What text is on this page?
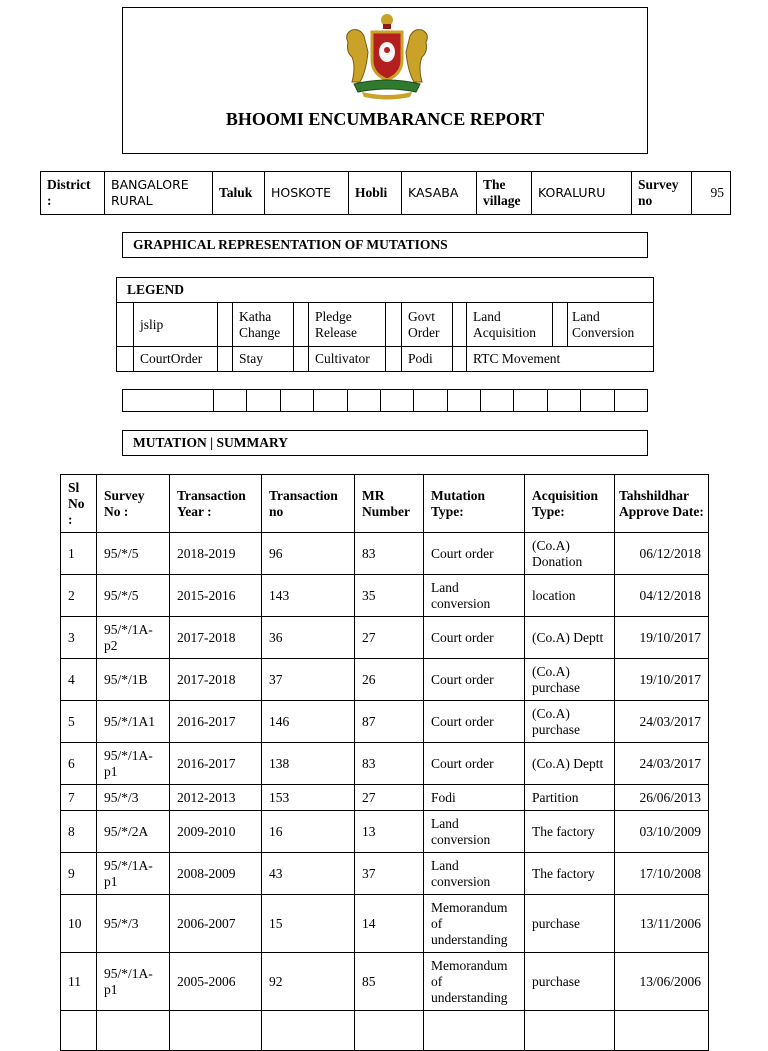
BHOOMI ENCUMBARANCE REPORT
District :	BANGALORE RURAL	Taluk	HOSKOTE	Hobli	KASABA	The village	KORALURU	Survey no	95
GRAPHICAL REPRESENTATION OF MUTATIONS
LEGEND											
	jslip		Katha Change		Pledge Release		Govt Order		Land Acquisition		Land Conversion
	CourtOrder		Stay		Cultivator		Podi		RTC Movement		

MUTATION | SUMMARY
Sl No :	Survey No :	Transaction Year :	Transaction no	MR Number	Mutation Type:	Acquisition Type:	Tahshildhar Approve Date:
1	95/*/5	2018-2019	96	83	Court order	(Co.A) Donation	06/12/2018
2	95/*/5	2015-2016	143	35	Land conversion	location	04/12/2018
3	95/*/1A-p2	2017-2018	36	27	Court order	(Co.A) Deptt	19/10/2017
4	95/*/1B	2017-2018	37	26	Court order	(Co.A) purchase	19/10/2017
5	95/*/1A1	2016-2017	146	87	Court order	(Co.A) purchase	24/03/2017
6	95/*/1A-p1	2016-2017	138	83	Court order	(Co.A) Deptt	24/03/2017
7	95/*/3	2012-2013	153	27	Fodi	Partition	26/06/2013
8	95/*/2A	2009-2010	16	13	Land conversion	The factory	03/10/2009
9	95/*/1A-p1	2008-2009	43	37	Land conversion	The factory	17/10/2008
10	95/*/3	2006-2007	15	14	Memorandum of understanding	purchase	13/11/2006
11	95/*/1A-p1	2005-2006	92	85	Memorandum of understanding	purchase	13/06/2006
